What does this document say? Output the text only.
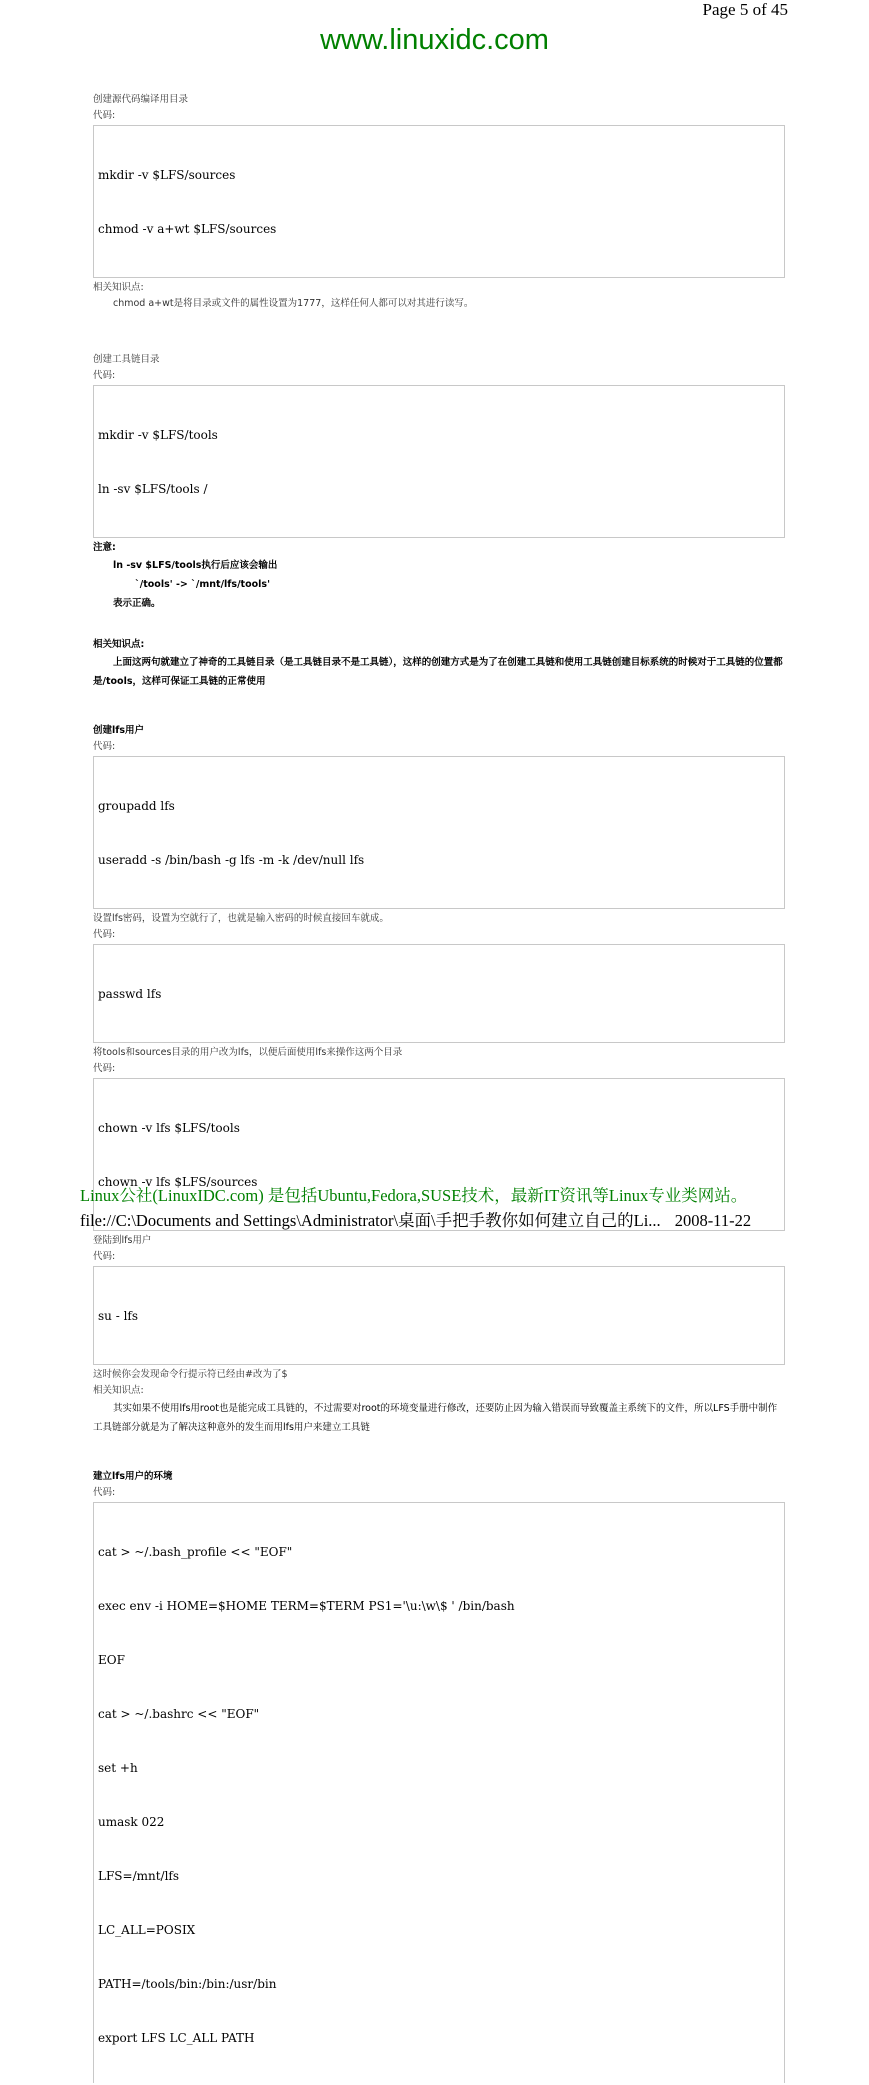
Page 5 of 45
www.linuxidc.com
创建源代码编译用目录
代码:

mkdir -v $LFS/sources

chmod -v a+wt $LFS/sources

相关知识点:
chmod a+wt是将目录或文件的属性设置为1777，这样任何人都可以对其进行读写。
创建工具链目录
代码:

mkdir -v $LFS/tools

ln -sv $LFS/tools /

注意:
ln -sv $LFS/tools执行后应该会输出
`/tools' -> `/mnt/lfs/tools'
表示正确。
相关知识点:
上面这两句就建立了神奇的工具链目录（是工具链目录不是工具链），这样的创建方式是为了在创建工具链和使用工具链创建目标系统的时候对于工具链的位置都是/tools，这样可保证工具链的正常使用
创建lfs用户
代码:

groupadd lfs

useradd -s /bin/bash -g lfs -m -k /dev/null lfs

设置lfs密码，设置为空就行了，也就是输入密码的时候直接回车就成。
代码:

passwd lfs

将tools和sources目录的用户改为lfs，以便后面使用lfs来操作这两个目录
代码:

chown -v lfs $LFS/tools

chown -v lfs $LFS/sources

登陆到lfs用户
代码:

su - lfs

这时候你会发现命令行提示符已经由#改为了$
相关知识点:
其实如果不使用lfs用root也是能完成工具链的，不过需要对root的环境变量进行修改，还要防止因为输入错误而导致覆盖主系统下的文件，所以LFS手册中制作工具链部分就是为了解决这种意外的发生而用lfs用户来建立工具链
建立lfs用户的环境
代码:

cat > ~/.bash_profile << "EOF"

exec env -i HOME=$HOME TERM=$TERM PS1='\u:\w\$ ' /bin/bash

EOF

cat > ~/.bashrc << "EOF"

set +h

umask 022

LFS=/mnt/lfs

LC_ALL=POSIX

PATH=/tools/bin:/bin:/usr/bin

export LFS LC_ALL PATH

Linux公社(LinuxIDC.com) 是包括Ubuntu,Fedora,SUSE技术，最新IT资讯等Linux专业类网站。
file://C:\Documents and Settings\Administrator\桌面\手把手教你如何建立自己的Li... 2008-11-22
